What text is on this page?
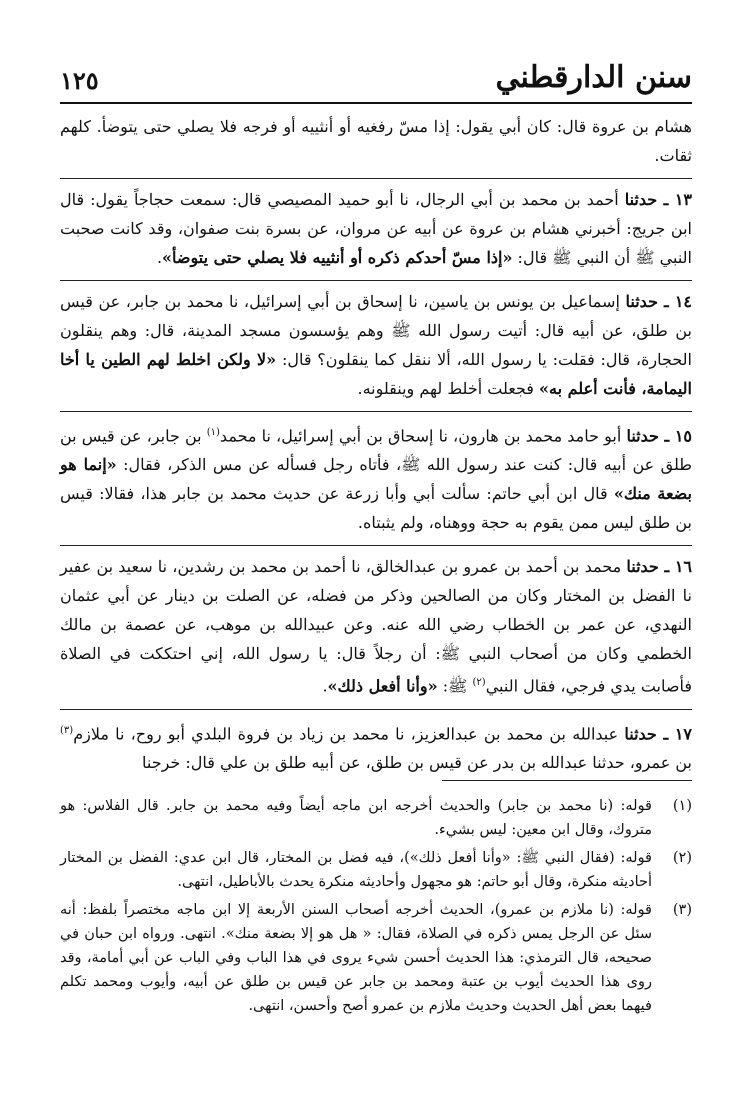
سنن الدارقطني
١٢٥

هشام بن عروة قال: كان أبي يقول: إذا مسّ رفغيه أو أنثييه أو فرجه فلا يصلي حتى يتوضأ. كلهم ثقات.

١٣ ـ حدثنا أحمد بن محمد بن أبي الرجال، نا أبو حميد المصيصي قال: سمعت حجاجاً يقول: قال ابن جريج: أخبرني هشام بن عروة عن أبيه عن مروان، عن بسرة بنت صفوان، وقد كانت صحبت النبي ﷺ أن النبي ﷺ قال: «إذا مسّ أحدكم ذكره أو أنثييه فلا يصلي حتى يتوضأ».

١٤ ـ حدثنا إسماعيل بن يونس بن ياسين، نا إسحاق بن أبي إسرائيل، نا محمد بن جابر، عن قيس بن طلق، عن أبيه قال: أتيت رسول الله ﷺ وهم يؤسسون مسجد المدينة، قال: وهم ينقلون الحجارة، قال: فقلت: يا رسول الله، ألا ننقل كما ينقلون؟ قال: «لا ولكن اخلط لهم الطين يا أخا اليمامة، فأنت أعلم به» فجعلت أخلط لهم وينقلونه.

١٥ ـ حدثنا أبو حامد محمد بن هارون، نا إسحاق بن أبي إسرائيل، نا محمد$^{(١)}$ بن جابر، عن قيس بن طلق عن أبيه قال: كنت عند رسول الله ﷺ، فأتاه رجل فسأله عن مس الذكر، فقال: «إنما هو بضعة منك» قال ابن أبي حاتم: سألت أبي وأبا زرعة عن حديث محمد بن جابر هذا، فقالا: قيس بن طلق ليس ممن يقوم به حجة ووهناه، ولم يثبتاه.

١٦ ـ حدثنا محمد بن أحمد بن عمرو بن عبدالخالق، نا أحمد بن محمد بن رشدين، نا سعيد بن عفير نا الفضل بن المختار وكان من الصالحين وذكر من فضله، عن الصلت بن دينار عن أبي عثمان النهدي، عن عمر بن الخطاب رضي الله عنه. وعن عبيدالله بن موهب، عن عصمة بن مالك الخطمي وكان من أصحاب النبي ﷺ: أن رجلاً قال: يا رسول الله، إني احتككت في الصلاة فأصابت يدي فرجي، فقال النبي$^{(٢)}$ ﷺ: «وأنا أفعل ذلك».

١٧ ـ حدثنا عبدالله بن محمد بن عبدالعزيز، نا محمد بن زياد بن فروة البلدي أبو روح، نا ملازم$^{(٣)}$ بن عمرو، حدثنا عبدالله بن بدر عن قيس بن طلق، عن أبيه طلق بن علي قال: خرجنا

(١)
قوله: (نا محمد بن جابر) والحديث أخرجه ابن ماجه أيضاً وفيه محمد بن جابر. قال الفلاس: هو متروك، وقال ابن معين: ليس بشيء.
(٢)
قوله: (فقال النبي ﷺ: «وأنا أفعل ذلك»)، فيه فضل بن المختار، قال ابن عدي: الفضل بن المختار أحاديثه منكرة، وقال أبو حاتم: هو مجهول وأحاديثه منكرة يحدث بالأباطيل، انتهى.
(٣)
قوله: (نا ملازم بن عمرو)، الحديث أخرجه أصحاب السنن الأربعة إلا ابن ماجه مختصراً بلفظ: أنه سئل عن الرجل يمس ذكره في الصلاة، فقال: « هل هو إلا بضعة منك». انتهى. ورواه ابن حبان في صحيحه، قال الترمذي: هذا الحديث أحسن شيء يروى في هذا الباب وفي الباب عن أبي أمامة، وقد روى هذا الحديث أيوب بن عتبة ومحمد بن جابر عن قيس بن طلق عن أبيه، وأيوب ومحمد تكلم فيهما بعض أهل الحديث وحديث ملازم بن عمرو أصح وأحسن، انتهى.
